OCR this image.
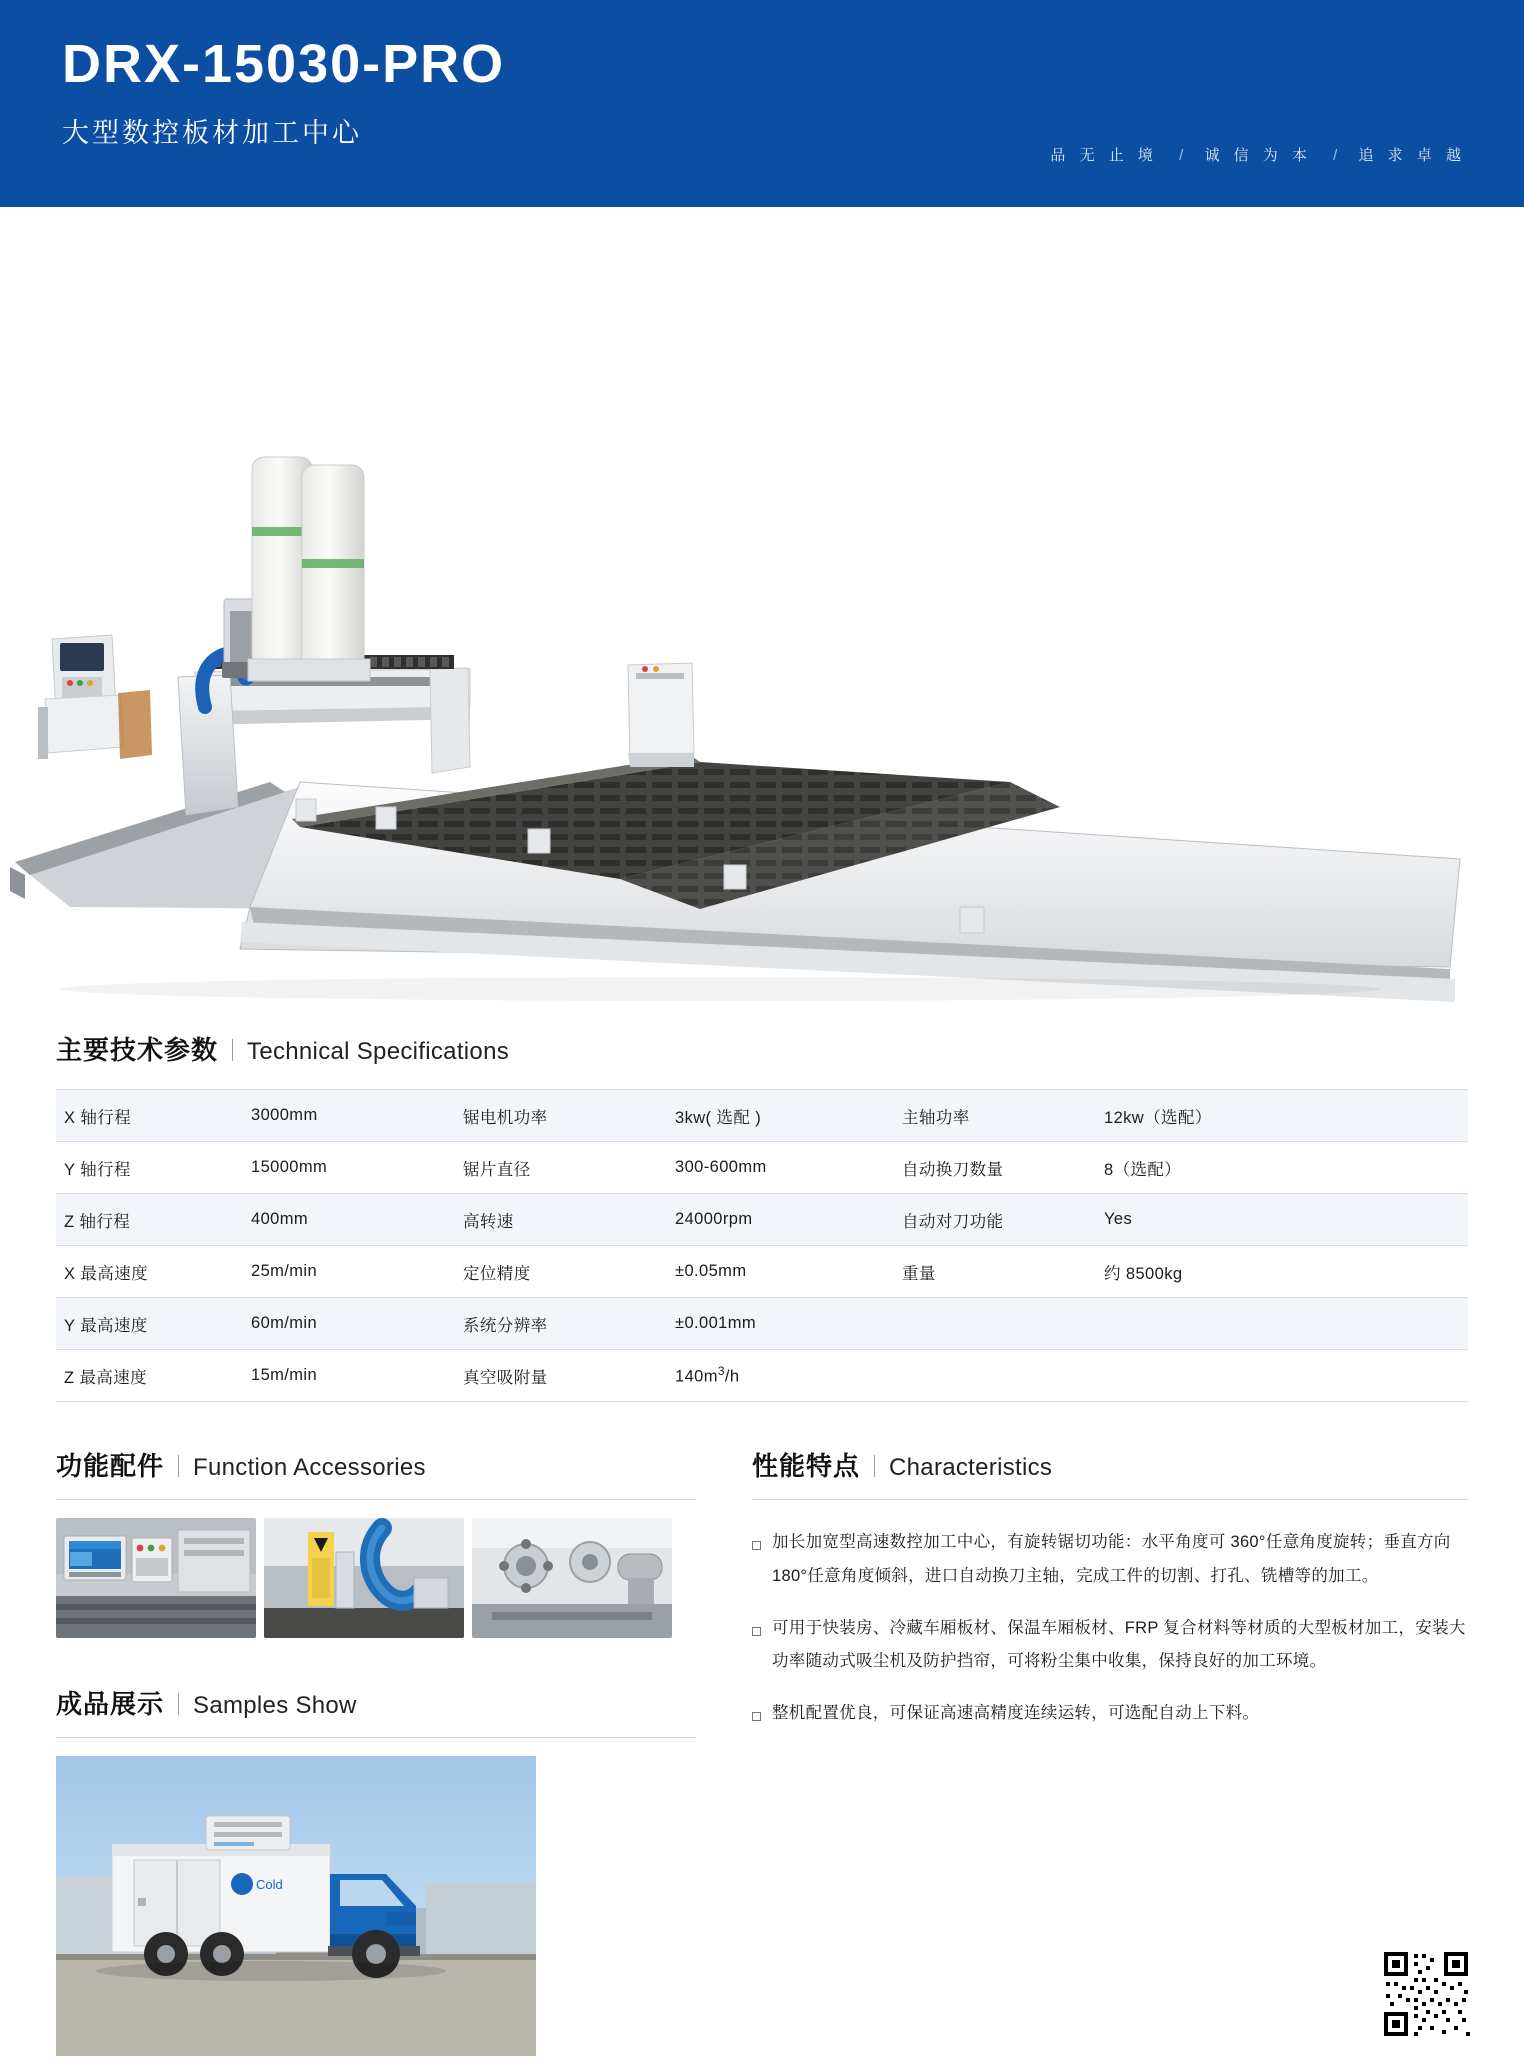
DRX-15030-PRO
大型数控板材加工中心
品 无 止 境 / 诚 信 为 本 / 追 求 卓 越
主要技术参数 Technical Specifications
X 轴行程	3000mm	锯电机功率	3kw( 选配 )	主轴功率	12kw（选配）
Y 轴行程	15000mm	锯片直径	300-600mm	自动换刀数量	8（选配）
Z 轴行程	400mm	高转速	24000rpm	自动对刀功能	Yes
X 最高速度	25m/min	定位精度	±0.05mm	重量	约 8500kg
Y 最高速度	60m/min	系统分辨率	±0.001mm		
Z 最高速度	15m/min	真空吸附量	$140m^3/h$		
功能配件 Function Accessories
成品展示 Samples Show
Cold
性能特点 Characteristics
加长加宽型高速数控加工中心，有旋转锯切功能：水平角度可 360°任意角度旋转；垂直方向 180°任意角度倾斜，进口自动换刀主轴，完成工件的切割、打孔、铣槽等的加工。
可用于快装房、冷藏车厢板材、保温车厢板材、FRP 复合材料等材质的大型板材加工，安装大功率随动式吸尘机及防护挡帘，可将粉尘集中收集，保持良好的加工环境。
整机配置优良，可保证高速高精度连续运转，可选配自动上下料。
